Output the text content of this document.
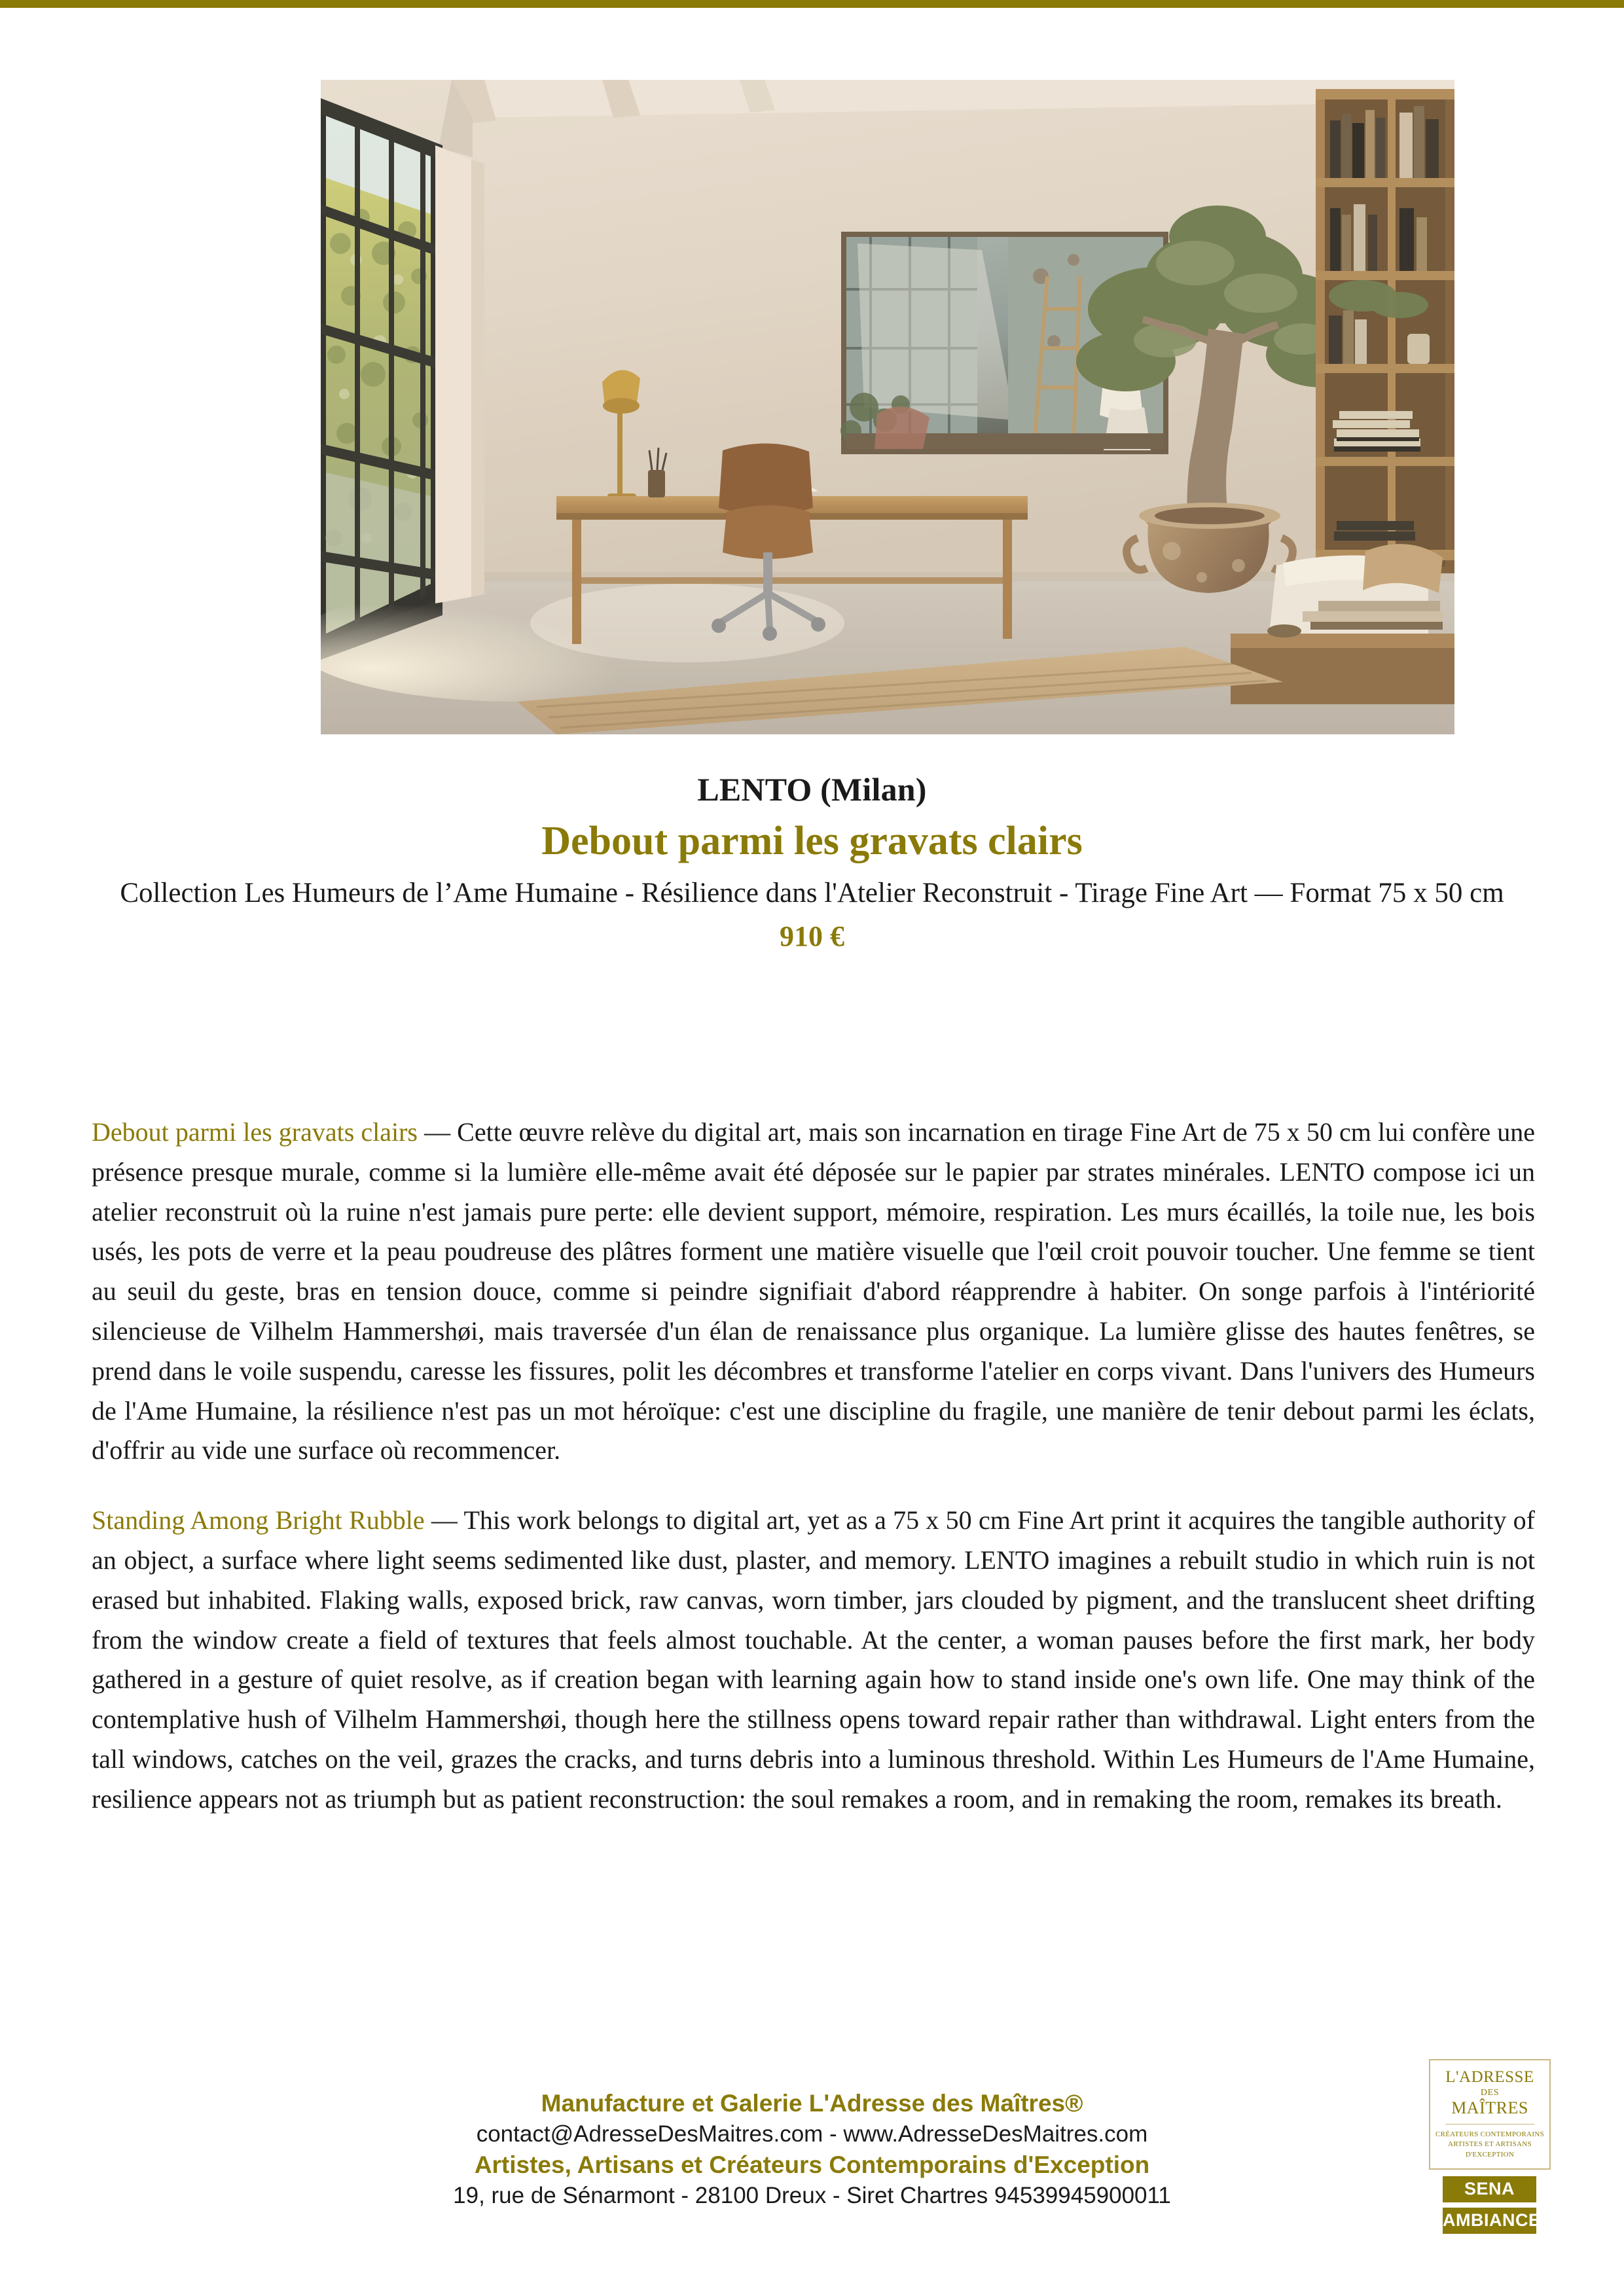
LENTO (Milan)
Debout parmi les gravats clairs
Collection Les Humeurs de l’Ame Humaine - Résilience dans l'Atelier Reconstruit - Tirage Fine Art — Format 75 x 50 cm
910 €

Debout parmi les gravats clairs — Cette œuvre relève du digital art, mais son incarnation en tirage Fine Art de 75 x 50 cm lui confère une présence presque murale, comme si la lumière elle-même avait été déposée sur le papier par strates minérales. LENTO compose ici un atelier reconstruit où la ruine n'est jamais pure perte: elle devient support, mémoire, respiration. Les murs écaillés, la toile nue, les bois usés, les pots de verre et la peau poudreuse des plâtres forment une matière visuelle que l'œil croit pouvoir toucher. Une femme se tient au seuil du geste, bras en tension douce, comme si peindre signifiait d'abord réapprendre à habiter. On songe parfois à l'intériorité silencieuse de Vilhelm Hammershøi, mais traversée d'un élan de renaissance plus organique. La lumière glisse des hautes fenêtres, se prend dans le voile suspendu, caresse les fissures, polit les décombres et transforme l'atelier en corps vivant. Dans l'univers des Humeurs de l'Ame Humaine, la résilience n'est pas un mot héroïque: c'est une discipline du fragile, une manière de tenir debout parmi les éclats, d'offrir au vide une surface où recommencer.

Standing Among Bright Rubble — This work belongs to digital art, yet as a 75 x 50 cm Fine Art print it acquires the tangible authority of an object, a surface where light seems sedimented like dust, plaster, and memory. LENTO imagines a rebuilt studio in which ruin is not erased but inhabited. Flaking walls, exposed brick, raw canvas, worn timber, jars clouded by pigment, and the translucent sheet drifting from the window create a field of textures that feels almost touchable. At the center, a woman pauses before the first mark, her body gathered in a gesture of quiet resolve, as if creation began with learning again how to stand inside one's own life. One may think of the contemplative hush of Vilhelm Hammershøi, though here the stillness opens toward repair rather than withdrawal. Light enters from the tall windows, catches on the veil, grazes the cracks, and turns debris into a luminous threshold. Within Les Humeurs de l'Ame Humaine, resilience appears not as triumph but as patient reconstruction: the soul remakes a room, and in remaking the room, remakes its breath.

Manufacture et Galerie L'Adresse des Maîtres®
contact@AdresseDesMaitres.com - www.AdresseDesMaitres.com
Artistes, Artisans et Créateurs Contemporains d'Exception
19, rue de Sénarmont - 28100 Dreux - Siret Chartres 94539945900011
L'ADRESSE
DES
MAÎTRES
CRÉATEURS CONTEMPORAINS
ARTISTES ET ARTISANS
D'EXCEPTION
SENA
AMBIANCE
